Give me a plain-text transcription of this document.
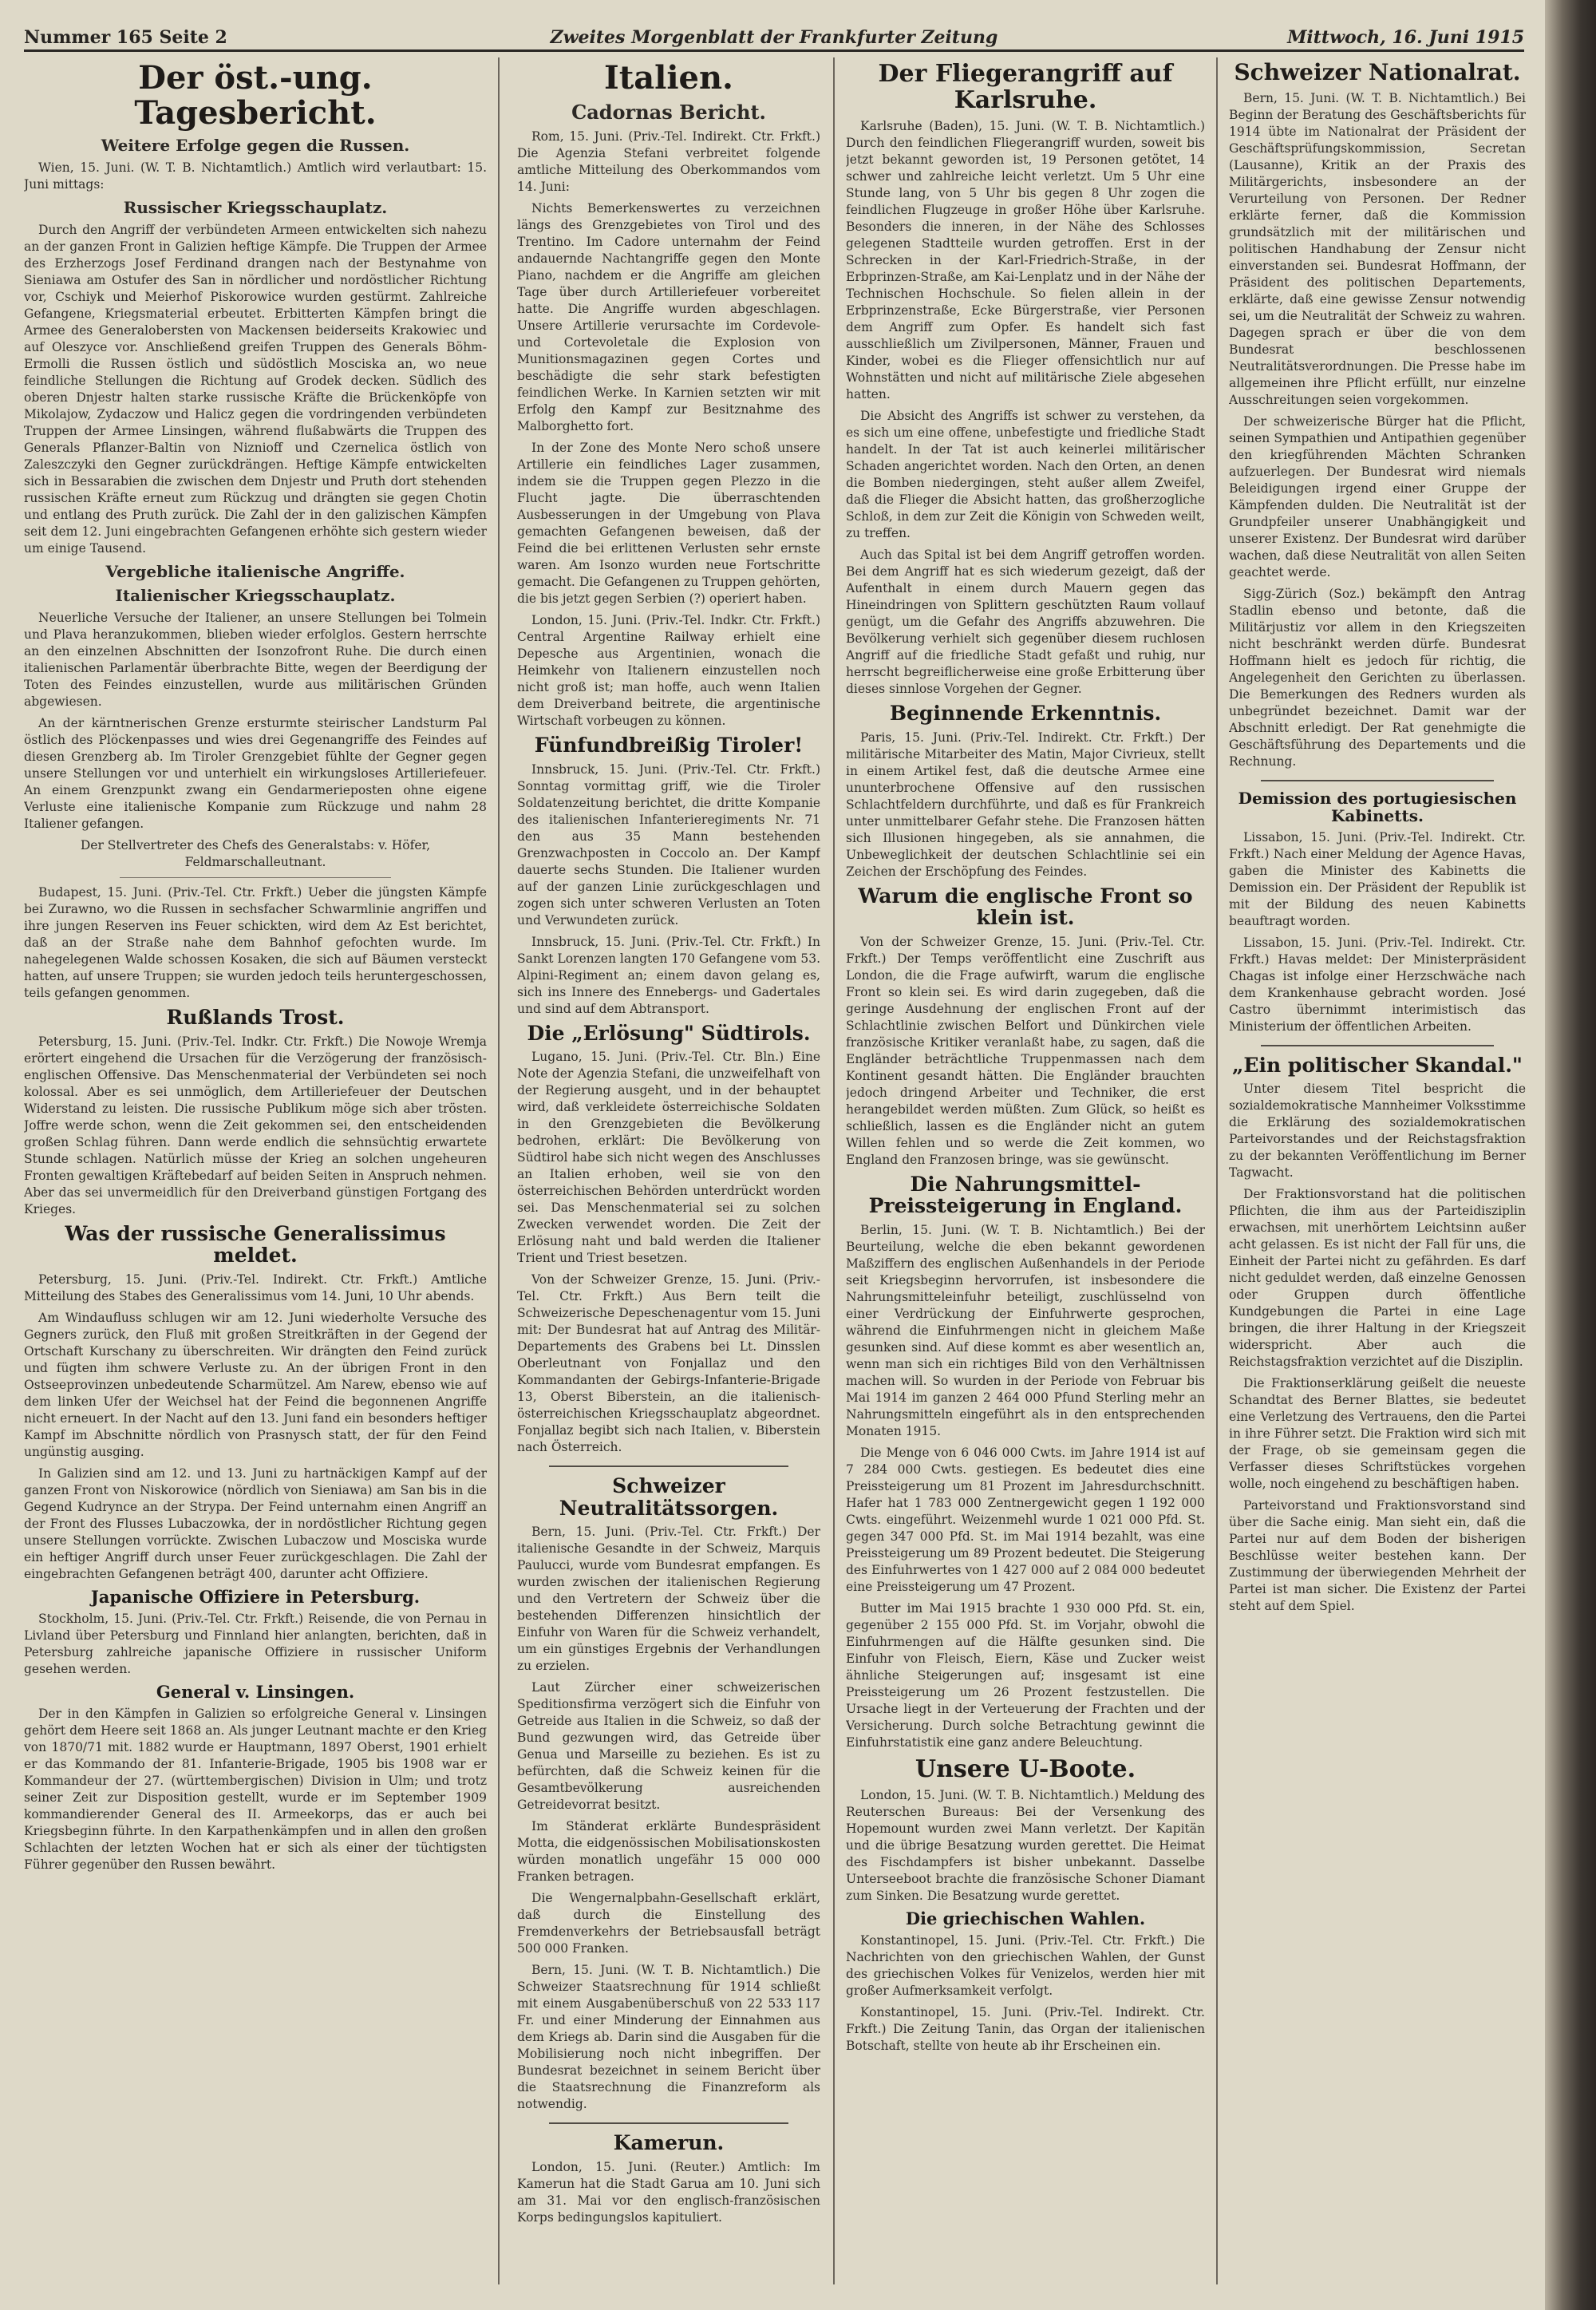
Nummer 165 Seite 2	Zweites Morgenblatt der Frankfurter Zeitung	Mittwoch, 16. Juni 1915
Der öst.-ung. Tagesbericht.
Weitere Erfolge gegen die Russen.

Wien, 15. Juni. (W. T. B. Nichtamtlich.) Amtlich wird verlautbart: 15. Juni mittags:

Russischer Kriegsschauplatz.

Durch den Angriff der verbündeten Armeen entwickelten sich nahezu an der ganzen Front in Galizien heftige Kämpfe. Die Truppen der Armee des Erzherzogs Josef Ferdinand drangen nach der Bestynahme von Sieniawa am Ostufer des San in nördlicher und nordöstlicher Richtung vor, Cschiyk und Meierhof Piskorowice wurden gestürmt. Zahlreiche Gefangene, Kriegsmaterial erbeutet. Erbitterten Kämpfen bringt die Armee des Generalobersten von Mackensen beiderseits Krakowiec und auf Oleszyce vor. Anschließend greifen Truppen des Generals Böhm-Ermolli die Russen östlich und südöstlich Mosciska an, wo neue feindliche Stellungen die Richtung auf Grodek decken. Südlich des oberen Dnjestr halten starke russische Kräfte die Brückenköpfe von Mikolajow, Zydaczow und Halicz gegen die vordringenden verbündeten Truppen der Armee Linsingen, während flußabwärts die Truppen des Generals Pflanzer-Baltin von Niznioff und Czernelica östlich von Zaleszczyki den Gegner zurückdrängen. Heftige Kämpfe entwickelten sich in Bessarabien die zwischen dem Dnjestr und Pruth dort stehenden russischen Kräfte erneut zum Rückzug und drängten sie gegen Chotin und entlang des Pruth zurück. Die Zahl der in den galizischen Kämpfen seit dem 12. Juni eingebrachten Gefangenen erhöhte sich gestern wieder um einige Tausend.

Vergebliche italienische Angriffe.
Italienischer Kriegsschauplatz.

Neuerliche Versuche der Italiener, an unsere Stellungen bei Tolmein und Plava heranzukommen, blieben wieder erfolglos. Gestern herrschte an den einzelnen Abschnitten der Isonzofront Ruhe. Die durch einen italienischen Parlamentär überbrachte Bitte, wegen der Beerdigung der Toten des Feindes einzustellen, wurde aus militärischen Gründen abgewiesen.

An der kärntnerischen Grenze ersturmte steirischer Landsturm Pal östlich des Plöckenpasses und wies drei Gegenangriffe des Feindes auf diesen Grenzberg ab. Im Tiroler Grenzgebiet fühlte der Gegner gegen unsere Stellungen vor und unterhielt ein wirkungsloses Artilleriefeuer. An einem Grenzpunkt zwang ein Gendarmerieposten ohne eigene Verluste eine italienische Kompanie zum Rückzuge und nahm 28 Italiener gefangen.

Der Stellvertreter des Chefs des Generalstabs: v. Höfer, Feldmarschalleutnant.

Budapest, 15. Juni. (Priv.-Tel. Ctr. Frkft.) Ueber die jüngsten Kämpfe bei Zurawno, wo die Russen in sechsfacher Schwarmlinie angriffen und ihre jungen Reserven ins Feuer schickten, wird dem Az Est berichtet, daß an der Straße nahe dem Bahnhof gefochten wurde. Im nahegelegenen Walde schossen Kosaken, die sich auf Bäumen versteckt hatten, auf unsere Truppen; sie wurden jedoch teils heruntergeschossen, teils gefangen genommen.

Rußlands Trost.

Petersburg, 15. Juni. (Priv.-Tel. Indkr. Ctr. Frkft.) Die Nowoje Wremja erörtert eingehend die Ursachen für die Verzögerung der französisch-englischen Offensive. Das Menschenmaterial der Verbündeten sei noch kolossal. Aber es sei unmöglich, dem Artilleriefeuer der Deutschen Widerstand zu leisten. Die russische Publikum möge sich aber trösten. Joffre werde schon, wenn die Zeit gekommen sei, den entscheidenden großen Schlag führen. Dann werde endlich die sehnsüchtig erwartete Stunde schlagen. Natürlich müsse der Krieg an solchen ungeheuren Fronten gewaltigen Kräftebedarf auf beiden Seiten in Anspruch nehmen. Aber das sei unvermeidlich für den Dreiverband günstigen Fortgang des Krieges.

Was der russische Generalissimus meldet.

Petersburg, 15. Juni. (Priv.-Tel. Indirekt. Ctr. Frkft.) Amtliche Mitteilung des Stabes des Generalissimus vom 14. Juni, 10 Uhr abends.

Am Windaufluss schlugen wir am 12. Juni wiederholte Versuche des Gegners zurück, den Fluß mit großen Streitkräften in der Gegend der Ortschaft Kurschany zu überschreiten. Wir drängten den Feind zurück und fügten ihm schwere Verluste zu. An der übrigen Front in den Ostseeprovinzen unbedeutende Scharmützel. Am Narew, ebenso wie auf dem linken Ufer der Weichsel hat der Feind die begonnenen Angriffe nicht erneuert. In der Nacht auf den 13. Juni fand ein besonders heftiger Kampf im Abschnitte nördlich von Prasnysch statt, der für den Feind ungünstig ausging.

In Galizien sind am 12. und 13. Juni zu hartnäckigen Kampf auf der ganzen Front von Niskorowice (nördlich von Sieniawa) am San bis in die Gegend Kudrynce an der Strypa. Der Feind unternahm einen Angriff an der Front des Flusses Lubaczowka, der in nordöstlicher Richtung gegen unsere Stellungen vorrückte. Zwischen Lubaczow und Mosciska wurde ein heftiger Angriff durch unser Feuer zurückgeschlagen. Die Zahl der eingebrachten Gefangenen beträgt 400, darunter acht Offiziere.

Japanische Offiziere in Petersburg.

Stockholm, 15. Juni. (Priv.-Tel. Ctr. Frkft.) Reisende, die von Pernau in Livland über Petersburg und Finnland hier anlangten, berichten, daß in Petersburg zahlreiche japanische Offiziere in russischer Uniform gesehen werden.

General v. Linsingen.

Der in den Kämpfen in Galizien so erfolgreiche General v. Linsingen gehört dem Heere seit 1868 an. Als junger Leutnant machte er den Krieg von 1870/71 mit. 1882 wurde er Hauptmann, 1897 Oberst, 1901 erhielt er das Kommando der 81. Infanterie-Brigade, 1905 bis 1908 war er Kommandeur der 27. (württembergischen) Division in Ulm; und trotz seiner Zeit zur Disposition gestellt, wurde er im September 1909 kommandierender General des II. Armeekorps, das er auch bei Kriegsbeginn führte. In den Karpathenkämpfen und in allen den großen Schlachten der letzten Wochen hat er sich als einer der tüchtigsten Führer gegenüber den Russen bewährt.

Italien.
Cadornas Bericht.

Rom, 15. Juni. (Priv.-Tel. Indirekt. Ctr. Frkft.) Die Agenzia Stefani verbreitet folgende amtliche Mitteilung des Oberkommandos vom 14. Juni:

Nichts Bemerkenswertes zu verzeichnen längs des Grenzgebietes von Tirol und des Trentino. Im Cadore unternahm der Feind andauernde Nachtangriffe gegen den Monte Piano, nachdem er die Angriffe am gleichen Tage über durch Artilleriefeuer vorbereitet hatte. Die Angriffe wurden abgeschlagen. Unsere Artillerie verursachte im Cordevole- und Cortevoletale die Explosion von Munitionsmagazinen gegen Cortes und beschädigte die sehr stark befestigten feindlichen Werke. In Karnien setzten wir mit Erfolg den Kampf zur Besitznahme des Malborghetto fort.

In der Zone des Monte Nero schoß unsere Artillerie ein feindliches Lager zusammen, indem sie die Truppen gegen Plezzo in die Flucht jagte. Die überraschtenden Ausbesserungen in der Umgebung von Plava gemachten Gefangenen beweisen, daß der Feind die bei erlittenen Verlusten sehr ernste waren. Am Isonzo wurden neue Fortschritte gemacht. Die Gefangenen zu Truppen gehörten, die bis jetzt gegen Serbien (?) operiert haben.

London, 15. Juni. (Priv.-Tel. Indkr. Ctr. Frkft.) Central Argentine Railway erhielt eine Depesche aus Argentinien, wonach die Heimkehr von Italienern einzustellen noch nicht groß ist; man hoffe, auch wenn Italien dem Dreiverband beitrete, die argentinische Wirtschaft vorbeugen zu können.

Fünfundbreißig Tiroler!

Innsbruck, 15. Juni. (Priv.-Tel. Ctr. Frkft.) Sonntag vormittag griff, wie die Tiroler Soldatenzeitung berichtet, die dritte Kompanie des italienischen Infanterieregiments Nr. 71 den aus 35 Mann bestehenden Grenzwachposten in Coccolo an. Der Kampf dauerte sechs Stunden. Die Italiener wurden auf der ganzen Linie zurückgeschlagen und zogen sich unter schweren Verlusten an Toten und Verwundeten zurück.

Innsbruck, 15. Juni. (Priv.-Tel. Ctr. Frkft.) In Sankt Lorenzen langten 170 Gefangene vom 53. Alpini-Regiment an; einem davon gelang es, sich ins Innere des Ennebergs- und Gadertales und sind auf dem Abtransport.

Die „Erlösung" Südtirols.

Lugano, 15. Juni. (Priv.-Tel. Ctr. Bln.) Eine Note der Agenzia Stefani, die unzweifelhaft von der Regierung ausgeht, und in der behauptet wird, daß verkleidete österreichische Soldaten in den Grenzgebieten die Bevölkerung bedrohen, erklärt: Die Bevölkerung von Südtirol habe sich nicht wegen des Anschlusses an Italien erhoben, weil sie von den österreichischen Behörden unterdrückt worden sei. Das Menschenmaterial sei zu solchen Zwecken verwendet worden. Die Zeit der Erlösung naht und bald werden die Italiener Trient und Triest besetzen.

Von der Schweizer Grenze, 15. Juni. (Priv.-Tel. Ctr. Frkft.) Aus Bern teilt die Schweizerische Depeschenagentur vom 15. Juni mit: Der Bundesrat hat auf Antrag des Militär-Departements des Grabens bei Lt. Dinsslen Oberleutnant von Fonjallaz und den Kommandanten der Gebirgs-Infanterie-Brigade 13, Oberst Biberstein, an die italienisch-österreichischen Kriegsschauplatz abgeordnet. Fonjallaz begibt sich nach Italien, v. Biberstein nach Österreich.

Schweizer Neutralitätssorgen.

Bern, 15. Juni. (Priv.-Tel. Ctr. Frkft.) Der italienische Gesandte in der Schweiz, Marquis Paulucci, wurde vom Bundesrat empfangen. Es wurden zwischen der italienischen Regierung und den Vertretern der Schweiz über die bestehenden Differenzen hinsichtlich der Einfuhr von Waren für die Schweiz verhandelt, um ein günstiges Ergebnis der Verhandlungen zu erzielen.

Laut Zürcher einer schweizerischen Speditionsfirma verzögert sich die Einfuhr von Getreide aus Italien in die Schweiz, so daß der Bund gezwungen wird, das Getreide über Genua und Marseille zu beziehen. Es ist zu befürchten, daß die Schweiz keinen für die Gesamtbevölkerung ausreichenden Getreidevorrat besitzt.

Im Ständerat erklärte Bundespräsident Motta, die eidgenössischen Mobilisationskosten würden monatlich ungefähr 15 000 000 Franken betragen.

Die Wengernalpbahn-Gesellschaft erklärt, daß durch die Einstellung des Fremdenverkehrs der Betriebsausfall beträgt 500 000 Franken.

Bern, 15. Juni. (W. T. B. Nichtamtlich.) Die Schweizer Staatsrechnung für 1914 schließt mit einem Ausgabenüberschuß von 22 533 117 Fr. und einer Minderung der Einnahmen aus dem Kriegs ab. Darin sind die Ausgaben für die Mobilisierung noch nicht inbegriffen. Der Bundesrat bezeichnet in seinem Bericht über die Staatsrechnung die Finanzreform als notwendig.

Kamerun.

London, 15. Juni. (Reuter.) Amtlich: Im Kamerun hat die Stadt Garua am 10. Juni sich am 31. Mai vor den englisch-französischen Korps bedingungslos kapituliert.

Der Fliegerangriff auf Karlsruhe.

Karlsruhe (Baden), 15. Juni. (W. T. B. Nichtamtlich.) Durch den feindlichen Fliegerangriff wurden, soweit bis jetzt bekannt geworden ist, 19 Personen getötet, 14 schwer und zahlreiche leicht verletzt. Um 5 Uhr eine Stunde lang, von 5 Uhr bis gegen 8 Uhr zogen die feindlichen Flugzeuge in großer Höhe über Karlsruhe. Besonders die inneren, in der Nähe des Schlosses gelegenen Stadtteile wurden getroffen. Erst in der Schrecken in der Karl-Friedrich-Straße, in der Erbprinzen-Straße, am Kai-Lenplatz und in der Nähe der Technischen Hochschule. So fielen allein in der Erbprinzenstraße, Ecke Bürgerstraße, vier Personen dem Angriff zum Opfer. Es handelt sich fast ausschließlich um Zivilpersonen, Männer, Frauen und Kinder, wobei es die Flieger offensichtlich nur auf Wohnstätten und nicht auf militärische Ziele abgesehen hatten.

Die Absicht des Angriffs ist schwer zu verstehen, da es sich um eine offene, unbefestigte und friedliche Stadt handelt. In der Tat ist auch keinerlei militärischer Schaden angerichtet worden. Nach den Orten, an denen die Bomben niedergingen, steht außer allem Zweifel, daß die Flieger die Absicht hatten, das großherzogliche Schloß, in dem zur Zeit die Königin von Schweden weilt, zu treffen.

Auch das Spital ist bei dem Angriff getroffen worden. Bei dem Angriff hat es sich wiederum gezeigt, daß der Aufenthalt in einem durch Mauern gegen das Hineindringen von Splittern geschützten Raum vollauf genügt, um die Gefahr des Angriffs abzuwehren. Die Bevölkerung verhielt sich gegenüber diesem ruchlosen Angriff auf die friedliche Stadt gefaßt und ruhig, nur herrscht begreiflicherweise eine große Erbitterung über dieses sinnlose Vorgehen der Gegner.

Beginnende Erkenntnis.

Paris, 15. Juni. (Priv.-Tel. Indirekt. Ctr. Frkft.) Der militärische Mitarbeiter des Matin, Major Civrieux, stellt in einem Artikel fest, daß die deutsche Armee eine ununterbrochene Offensive auf den russischen Schlachtfeldern durchführte, und daß es für Frankreich unter unmittelbarer Gefahr stehe. Die Franzosen hätten sich Illusionen hingegeben, als sie annahmen, die Unbeweglichkeit der deutschen Schlachtlinie sei ein Zeichen der Erschöpfung des Feindes.

Warum die englische Front so klein ist.

Von der Schweizer Grenze, 15. Juni. (Priv.-Tel. Ctr. Frkft.) Der Temps veröffentlicht eine Zuschrift aus London, die die Frage aufwirft, warum die englische Front so klein sei. Es wird darin zugegeben, daß die geringe Ausdehnung der englischen Front auf der Schlachtlinie zwischen Belfort und Dünkirchen viele französische Kritiker veranlaßt habe, zu sagen, daß die Engländer beträchtliche Truppenmassen nach dem Kontinent gesandt hätten. Die Engländer brauchten jedoch dringend Arbeiter und Techniker, die erst herangebildet werden müßten. Zum Glück, so heißt es schließlich, lassen es die Engländer nicht an gutem Willen fehlen und so werde die Zeit kommen, wo England den Franzosen bringe, was sie gewünscht.

Die Nahrungsmittel-Preissteigerung in England.

Berlin, 15. Juni. (W. T. B. Nichtamtlich.) Bei der Beurteilung, welche die eben bekannt gewordenen Maßziffern des englischen Außenhandels in der Periode seit Kriegsbeginn hervorrufen, ist insbesondere die Nahrungsmitteleinfuhr beteiligt, zuschlüsselnd von einer Verdrückung der Einfuhrwerte gesprochen, während die Einfuhrmengen nicht in gleichem Maße gesunken sind. Auf diese kommt es aber wesentlich an, wenn man sich ein richtiges Bild von den Verhältnissen machen will. So wurden in der Periode von Februar bis Mai 1914 im ganzen 2 464 000 Pfund Sterling mehr an Nahrungsmitteln eingeführt als in den entsprechenden Monaten 1915.

Die Menge von 6 046 000 Cwts. im Jahre 1914 ist auf 7 284 000 Cwts. gestiegen. Es bedeutet dies eine Preissteigerung um 81 Prozent im Jahresdurchschnitt. Hafer hat 1 783 000 Zentnergewicht gegen 1 192 000 Cwts. eingeführt. Weizenmehl wurde 1 021 000 Pfd. St. gegen 347 000 Pfd. St. im Mai 1914 bezahlt, was eine Preissteigerung um 89 Prozent bedeutet. Die Steigerung des Einfuhrwertes von 1 427 000 auf 2 084 000 bedeutet eine Preissteigerung um 47 Prozent.

Butter im Mai 1915 brachte 1 930 000 Pfd. St. ein, gegenüber 2 155 000 Pfd. St. im Vorjahr, obwohl die Einfuhrmengen auf die Hälfte gesunken sind. Die Einfuhr von Fleisch, Eiern, Käse und Zucker weist ähnliche Steigerungen auf; insgesamt ist eine Preissteigerung um 26 Prozent festzustellen. Die Ursache liegt in der Verteuerung der Frachten und der Versicherung. Durch solche Betrachtung gewinnt die Einfuhrstatistik eine ganz andere Beleuchtung.

Unsere U-Boote.

London, 15. Juni. (W. T. B. Nichtamtlich.) Meldung des Reuterschen Bureaus: Bei der Versenkung des Hopemount wurden zwei Mann verletzt. Der Kapitän und die übrige Besatzung wurden gerettet. Die Heimat des Fischdampfers ist bisher unbekannt. Dasselbe Unterseeboot brachte die französische Schoner Diamant zum Sinken. Die Besatzung wurde gerettet.

Die griechischen Wahlen.

Konstantinopel, 15. Juni. (Priv.-Tel. Ctr. Frkft.) Die Nachrichten von den griechischen Wahlen, der Gunst des griechischen Volkes für Venizelos, werden hier mit großer Aufmerksamkeit verfolgt.

Konstantinopel, 15. Juni. (Priv.-Tel. Indirekt. Ctr. Frkft.) Die Zeitung Tanin, das Organ der italienischen Botschaft, stellte von heute ab ihr Erscheinen ein.

Schweizer Nationalrat.

Bern, 15. Juni. (W. T. B. Nichtamtlich.) Bei Beginn der Beratung des Geschäftsberichts für 1914 übte im Nationalrat der Präsident der Geschäftsprüfungskommission, Secretan (Lausanne), Kritik an der Praxis des Militärgerichts, insbesondere an der Verurteilung von Personen. Der Redner erklärte ferner, daß die Kommission grundsätzlich mit der militärischen und politischen Handhabung der Zensur nicht einverstanden sei. Bundesrat Hoffmann, der Präsident des politischen Departements, erklärte, daß eine gewisse Zensur notwendig sei, um die Neutralität der Schweiz zu wahren. Dagegen sprach er über die von dem Bundesrat beschlossenen Neutralitätsverordnungen. Die Presse habe im allgemeinen ihre Pflicht erfüllt, nur einzelne Ausschreitungen seien vorgekommen.

Der schweizerische Bürger hat die Pflicht, seinen Sympathien und Antipathien gegenüber den kriegführenden Mächten Schranken aufzuerlegen. Der Bundesrat wird niemals Beleidigungen irgend einer Gruppe der Kämpfenden dulden. Die Neutralität ist der Grundpfeiler unserer Unabhängigkeit und unserer Existenz. Der Bundesrat wird darüber wachen, daß diese Neutralität von allen Seiten geachtet werde.

Sigg-Zürich (Soz.) bekämpft den Antrag Stadlin ebenso und betonte, daß die Militärjustiz vor allem in den Kriegszeiten nicht beschränkt werden dürfe. Bundesrat Hoffmann hielt es jedoch für richtig, die Angelegenheit den Gerichten zu überlassen. Die Bemerkungen des Redners wurden als unbegründet bezeichnet. Damit war der Abschnitt erledigt. Der Rat genehmigte die Geschäftsführung des Departements und die Rechnung.

Demission des portugiesischen Kabinetts.

Lissabon, 15. Juni. (Priv.-Tel. Indirekt. Ctr. Frkft.) Nach einer Meldung der Agence Havas, gaben die Minister des Kabinetts die Demission ein. Der Präsident der Republik ist mit der Bildung des neuen Kabinetts beauftragt worden.

Lissabon, 15. Juni. (Priv.-Tel. Indirekt. Ctr. Frkft.) Havas meldet: Der Ministerpräsident Chagas ist infolge einer Herzschwäche nach dem Krankenhause gebracht worden. José Castro übernimmt interimistisch das Ministerium der öffentlichen Arbeiten.

„Ein politischer Skandal."

Unter diesem Titel bespricht die sozialdemokratische Mannheimer Volksstimme die Erklärung des sozialdemokratischen Parteivorstandes und der Reichstagsfraktion zu der bekannten Veröffentlichung im Berner Tagwacht.

Der Fraktionsvorstand hat die politischen Pflichten, die ihm aus der Parteidisziplin erwachsen, mit unerhörtem Leichtsinn außer acht gelassen. Es ist nicht der Fall für uns, die Einheit der Partei nicht zu gefährden. Es darf nicht geduldet werden, daß einzelne Genossen oder Gruppen durch öffentliche Kundgebungen die Partei in eine Lage bringen, die ihrer Haltung in der Kriegszeit widerspricht. Aber auch die Reichstagsfraktion verzichtet auf die Disziplin.

Die Fraktionserklärung geißelt die neueste Schandtat des Berner Blattes, sie bedeutet eine Verletzung des Vertrauens, den die Partei in ihre Führer setzt. Die Fraktion wird sich mit der Frage, ob sie gemeinsam gegen die Verfasser dieses Schriftstückes vorgehen wolle, noch eingehend zu beschäftigen haben.

Parteivorstand und Fraktionsvorstand sind über die Sache einig. Man sieht ein, daß die Partei nur auf dem Boden der bisherigen Beschlüsse weiter bestehen kann. Der Zustimmung der überwiegenden Mehrheit der Partei ist man sicher. Die Existenz der Partei steht auf dem Spiel.
